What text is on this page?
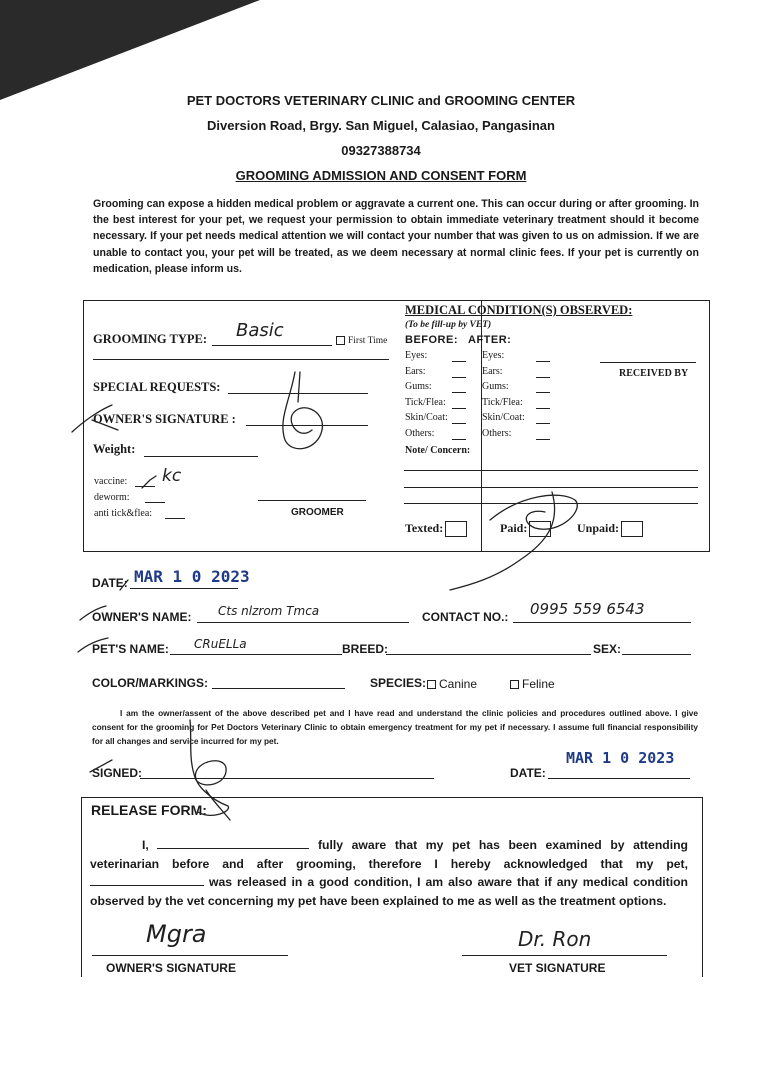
PET DOCTORS VETERINARY CLINIC and GROOMING CENTER
Diversion Road, Brgy. San Miguel, Calasiao, Pangasinan
09327388734
GROOMING ADMISSION AND CONSENT FORM
Grooming can expose a hidden medical problem or aggravate a current one. This can occur during or after grooming. In the best interest for your pet, we request your permission to obtain immediate veterinary treatment should it become necessary. If your pet needs medical attention we will contact your number that was given to us on admission. If we are unable to contact you, your pet will be treated, as we deem necessary at normal clinic fees. If your pet is currently on medication, please inform us.
GROOMING TYPE: Basic	First Time
SPECIAL REQUESTS:
OWNER'S SIGNATURE :
Weight:
vaccine: kc
deworm:
anti tick&flea:	GROOMER
MEDICAL CONDITION(S) OBSERVED:
(To be fill-up by VET)
BEFORE: AFTER:
Eyes:	Eyes:
Ears:	Ears:
Gums:	Gums:
Tick/Flea:	Tick/Flea:
Skin/Coat:	Skin/Coat:
Others:	Others:
RECEIVED BY
Note/ Concern:
Texted:	Paid:	Unpaid:
DATE: MAR 1 0 2023
OWNER'S NAME: Cts nlzrom Tmca	CONTACT NO.: 0995 559 6543
PET'S NAME: CRuELLa	BREED:	SEX:
COLOR/MARKINGS:	SPECIES:	Canine	Feline
I am the owner/assent of the above described pet and I have read and understand the clinic policies and procedures outlined above. I give consent for the grooming for Pet Doctors Veterinary Clinic to obtain emergency treatment for my pet if necessary. I assume full financial responsibility for all changes and service incurred for my pet.
SIGNED:	DATE:
MAR 1 0 2023
RELEASE FORM:
I,	fully aware that my pet has been examined by attending veterinarian before and after grooming, therefore I hereby acknowledged that my pet,  was released in a good condition, I am also aware that if any medical condition observed by the vet concerning my pet have been explained to me as well as the treatment options.
Mgra
OWNER'S SIGNATURE
Dr. Ron
VET SIGNATURE
